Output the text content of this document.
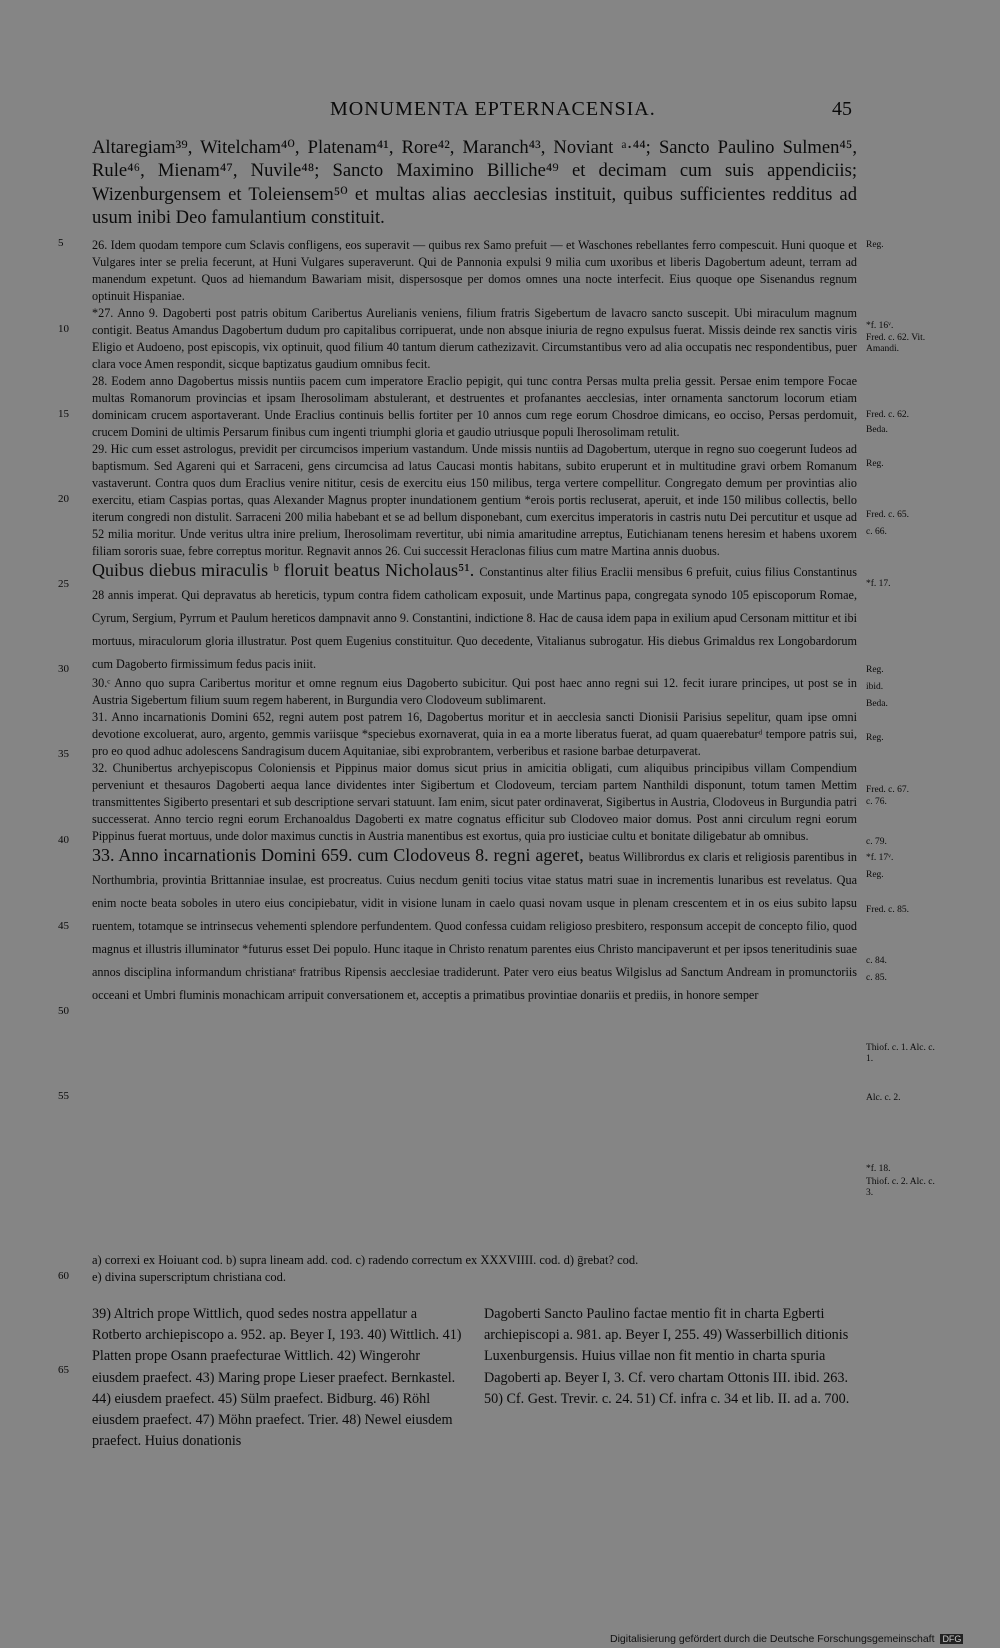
MONUMENTA EPTERNACENSIA.	45

Altaregiam³⁹, Witelcham⁴⁰, Platenam⁴¹, Rore⁴², Maranch⁴³, Noviant ᵃ·⁴⁴; Sancto Paulino Sulmen⁴⁵, Rule⁴⁶, Mienam⁴⁷, Nuvile⁴⁸; Sancto Maximino Billiche⁴⁹ et decimam cum suis appendiciis; Wizenburgensem et Toleiensem⁵⁰ et multas alias aecclesias instituit, quibus sufficientes redditus ad usum inibi Deo famulantium constituit.

26. Idem quodam tempore cum Sclavis confligens, eos superavit — quibus rex Samo prefuit — et Waschones rebellantes ferro compescuit. Huni quoque et Vulgares inter se prelia fecerunt, at Huni Vulgares superaverunt. Qui de Pannonia expulsi 9 milia cum uxoribus et liberis Dagobertum adeunt, terram ad manendum expetunt. Quos ad hiemandum Bawariam misit, dispersosque per domos omnes una nocte interfecit. Eius quoque ope Sisenandus regnum optinuit Hispaniae.

*27. Anno 9. Dagoberti post patris obitum Caribertus Aurelianis veniens, filium fratris Sigebertum de lavacro sancto suscepit. Ubi miraculum magnum contigit. Beatus Amandus Dagobertum dudum pro capitalibus corripuerat, unde non absque iniuria de regno expulsus fuerat. Missis deinde rex sanctis viris Eligio et Audoeno, post episcopis, vix optinuit, quod filium 40 tantum dierum cathezizavit. Circumstantibus vero ad alia occupatis nec respondentibus, puer clara voce Amen respondit, sicque baptizatus gaudium omnibus fecit.

28. Eodem anno Dagobertus missis nuntiis pacem cum imperatore Eraclio pepigit, qui tunc contra Persas multa prelia gessit. Persae enim tempore Focae multas Romanorum provincias et ipsam Iherosolimam abstulerant, et destruentes et profanantes aecclesias, inter ornamenta sanctorum locorum etiam dominicam crucem asportaverant. Unde Eraclius continuis bellis fortiter per 10 annos cum rege eorum Chosdroe dimicans, eo occiso, Persas perdomuit, crucem Domini de ultimis Persarum finibus cum ingenti triumphi gloria et gaudio utriusque populi Iherosolimam retulit.

29. Hic cum esset astrologus, previdit per circumcisos imperium vastandum. Unde missis nuntiis ad Dagobertum, uterque in regno suo coegerunt Iudeos ad baptismum. Sed Agareni qui et Sarraceni, gens circumcisa ad latus Caucasi montis habitans, subito eruperunt et in multitudine gravi orbem Romanum vastaverunt. Contra quos dum Eraclius venire nititur, cesis de exercitu eius 150 milibus, terga vertere compellitur. Congregato demum per provintias alio exercitu, etiam Caspias portas, quas Alexander Magnus propter inundationem gentium *erois portis recluserat, aperuit, et inde 150 milibus collectis, bello iterum congredi non distulit. Sarraceni 200 milia habebant et se ad bellum disponebant, cum exercitus imperatoris in castris nutu Dei percutitur et usque ad 52 milia moritur. Unde veritus ultra inire prelium, Iherosolimam revertitur, ubi nimia amaritudine arreptus, Eutichianam tenens heresim et habens uxorem filiam sororis suae, febre correptus moritur. Regnavit annos 26. Cui successit Heraclonas filius cum matre Martina annis duobus.

Quibus diebus miraculis ᵇ floruit beatus Nicholaus⁵¹. Constantinus alter filius Eraclii mensibus 6 prefuit, cuius filius Constantinus 28 annis imperat. Qui depravatus ab hereticis, typum contra fidem catholicam exposuit, unde Martinus papa, congregata synodo 105 episcoporum Romae, Cyrum, Sergium, Pyrrum et Paulum hereticos dampnavit anno 9. Constantini, indictione 8. Hac de causa idem papa in exilium apud Cersonam mittitur et ibi mortuus, miraculorum gloria illustratur. Post quem Eugenius constituitur. Quo decedente, Vitalianus subrogatur. His diebus Grimaldus rex Longobardorum cum Dagoberto firmissimum fedus pacis iniit.

30.ᶜ Anno quo supra Caribertus moritur et omne regnum eius Dagoberto subicitur. Qui post haec anno regni sui 12. fecit iurare principes, ut post se in Austria Sigebertum filium suum regem haberent, in Burgundia vero Clodoveum sublimarent.

31. Anno incarnationis Domini 652, regni autem post patrem 16, Dagobertus moritur et in aecclesia sancti Dionisii Parisius sepelitur, quam ipse omni devotione excoluerat, auro, argento, gemmis variisque *speciebus exornaverat, quia in ea a morte liberatus fuerat, ad quam quaerebaturᵈ tempore patris sui, pro eo quod adhuc adolescens Sandragisum ducem Aquitaniae, sibi exprobrantem, verberibus et rasione barbae deturpaverat.

32. Chunibertus archyepiscopus Coloniensis et Pippinus maior domus sicut prius in amicitia obligati, cum aliquibus principibus villam Compendium perveniunt et thesauros Dagoberti aequa lance dividentes inter Sigibertum et Clodoveum, terciam partem Nanthildi disponunt, totum tamen Mettim transmittentes Sigiberto presentari et sub descriptione servari statuunt. Iam enim, sicut pater ordinaverat, Sigibertus in Austria, Clodoveus in Burgundia patri successerat. Anno tercio regni eorum Erchanoaldus Dagoberti ex matre cognatus efficitur sub Clodoveo maior domus. Post anni circulum regni eorum Pippinus fuerat mortuus, unde dolor maximus cunctis in Austria manentibus est exortus, quia pro iusticiae cultu et bonitate diligebatur ab omnibus.

33. Anno incarnationis Domini 659. cum Clodoveus 8. regni ageret, beatus Willibrordus ex claris et religiosis parentibus in Northumbria, provintia Brittanniae insulae, est procreatus. Cuius necdum geniti tocius vitae status matri suae in incrementis lunaribus est revelatus. Qua enim nocte beata soboles in utero eius concipiebatur, vidit in visione lunam in caelo quasi novam usque in plenam crescentem et in os eius subito lapsu ruentem, totamque se intrinsecus vehementi splendore perfundentem. Quod confessa cuidam religioso presbitero, responsum accepit de concepto filio, quod magnus et illustris illuminator *futurus esset Dei populo. Hunc itaque in Christo renatum parentes eius Christo mancipaverunt et per ipsos teneritudinis suae annos disciplina informandum christianaᵉ fratribus Ripensis aecclesiae tradiderunt. Pater vero eius beatus Wilgislus ad Sanctum Andream in promunctoriis occeani et Umbri fluminis monachicam arripuit conversationem et, acceptis a primatibus provintiae donariis et prediis, in honore semper

5
10
15
20
25
30
35
40
45
50
55
60
65
Reg.
*f. 16ᵛ.
Fred. c. 62. Vit. Amandi.
Fred. c. 62.
Beda.
Reg.
Fred. c. 65.
c. 66.
*f. 17.
Reg.
ibid.
Beda.
Reg.
Fred. c. 67.
c. 76.
c. 79.
*f. 17ᵛ.
Reg.
Fred. c. 85.
c. 84.
c. 85.
Thiof. c. 1. Alc. c. 1.
Alc. c. 2.
*f. 18.
Thiof. c. 2. Alc. c. 3.

a) correxi ex Hoiuant cod. b) supra lineam add. cod. c) radendo correctum ex XXXVIIII. cod. d) ḡrebat? cod.

e) divina superscriptum christiana cod.

39) Altrich prope Wittlich, quod sedes nostra appellatur a Rotberto archiepiscopo a. 952. ap. Beyer I, 193. 40) Wittlich. 41) Platten prope Osann praefecturae Wittlich. 42) Wingerohr eiusdem praefect. 43) Maring prope Lieser praefect. Bernkastel. 44) eiusdem praefect. 45) Sülm praefect. Bidburg. 46) Röhl eiusdem praefect. 47) Möhn praefect. Trier. 48) Newel eiusdem praefect. Huius donationis

Dagoberti Sancto Paulino factae mentio fit in charta Egberti archiepiscopi a. 981. ap. Beyer I, 255. 49) Wasserbillich ditionis Luxenburgensis. Huius villae non fit mentio in charta spuria Dagoberti ap. Beyer I, 3. Cf. vero chartam Ottonis III. ibid. 263. 50) Cf. Gest. Trevir. c. 24. 51) Cf. infra c. 34 et lib. II. ad a. 700.

Digitalisierung gefördert durch die Deutsche Forschungsgemeinschaft DFG
